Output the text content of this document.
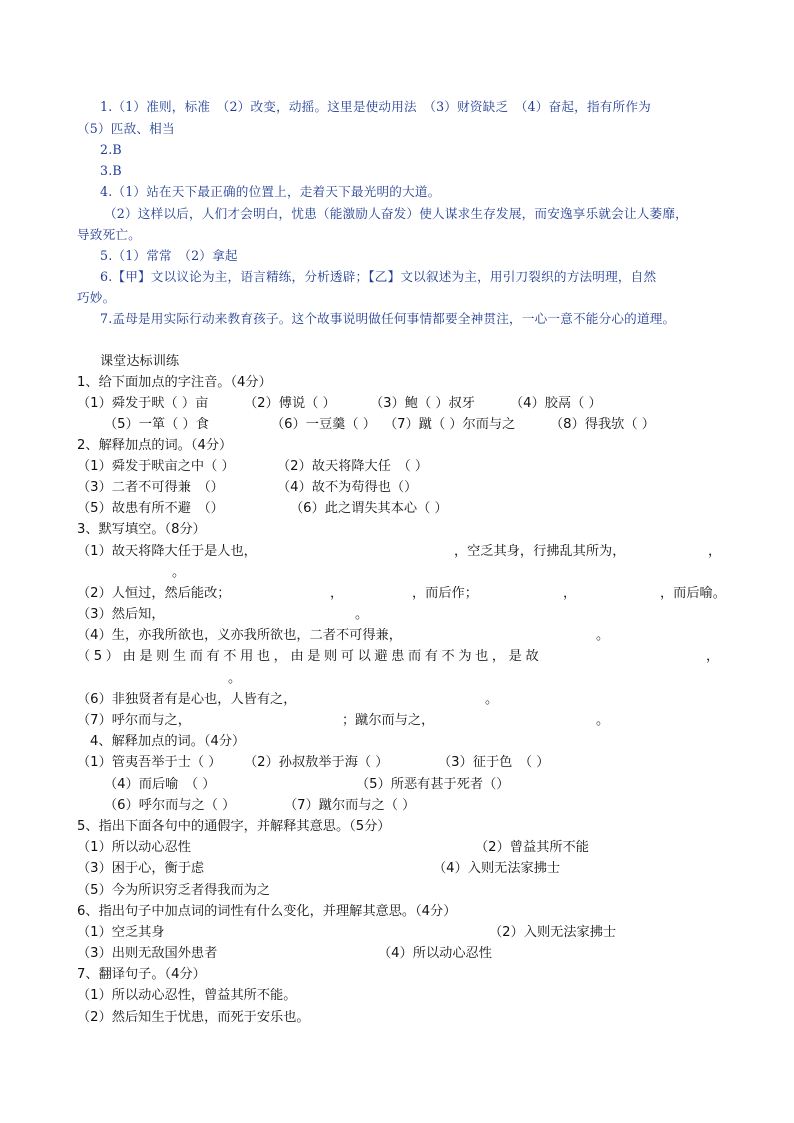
1.（1）准则，标准　（2）改变，动摇。这里是使动用法　（3）财资缺乏　（4）奋起，指有所作为
（5）匹敌、相当
2.B
3.B
4.（1）站在天下最正确的位置上，走着天下最光明的大道。
（2）这样以后，人们才会明白，忧患（能激励人奋发）使人谋求生存发展，而安逸享乐就会让人萎靡，
导致死亡。
5.（1）常常　（2）拿起
6.【甲】文以议论为主，语言精练，分析透辟；【乙】文以叙述为主，用引刀裂织的方法明理，自然
巧妙。
7.孟母是用实际行动来教育孩子。这个故事说明做任何事情都要全神贯注，一心一意不能分心的道理。
课堂达标训练
1、给下面加点的字注音。（4分）
（1）舜发于畎（ ）亩	（2）傅说（ ）	（3）鲍（ ）叔牙	（4）胶鬲（ ）
（5）一箪（ ）食	（6）一豆羹（ ） （7）蹴（ ）尔而与之	（8）得我欤（ ）
2、解释加点的词。（4分）
（1）舜发于畎亩之中（ ）	（2）故天将降大任　（ ）
（3）二者不可得兼　（）	（4）故不为苟得也（）
（5）故患有所不避　（）	（6）此之谓失其本心（ ）
3、默写填空。（8分）
（1）故天将降大任于是人也，	，空乏其身，行拂乱其所为，	，
。
（2）人恒过，然后能改；	，	，而后作；	，	，而后喻。
（3）然后知，	。
（4）生，亦我所欲也，义亦我所欲也，二者不可得兼，	。
（5）由是则生而有不用也，由是则可以避患而有不为也，是故	，
。
（6）非独贤者有是心也，人皆有之，	。
（7）呼尔而与之，	；蹴尔而与之，	。
4、解释加点的词。（4分）
（1）管夷吾举于士（ ） （2）孙叔敖举于海（ ）	（3）征于色　（ ）
（4）而后喻　（ ）	（5）所恶有甚于死者（）
（6）呼尔而与之（ ）	（7）蹴尔而与之（ ）
5、指出下面各句中的通假字，并解释其意思。（5分）
（1）所以动心忍性	（2）曾益其所不能
（3）困于心，衡于虑	（4）入则无法家拂士
（5）今为所识穷乏者得我而为之
6、指出句子中加点词的词性有什么变化，并理解其意思。（4分）
（1）空乏其身	（2）入则无法家拂士
（3）出则无敌国外患者	（4）所以动心忍性
7、翻译句子。（4分）
（1）所以动心忍性，曾益其所不能。
（2）然后知生于忧患，而死于安乐也。
